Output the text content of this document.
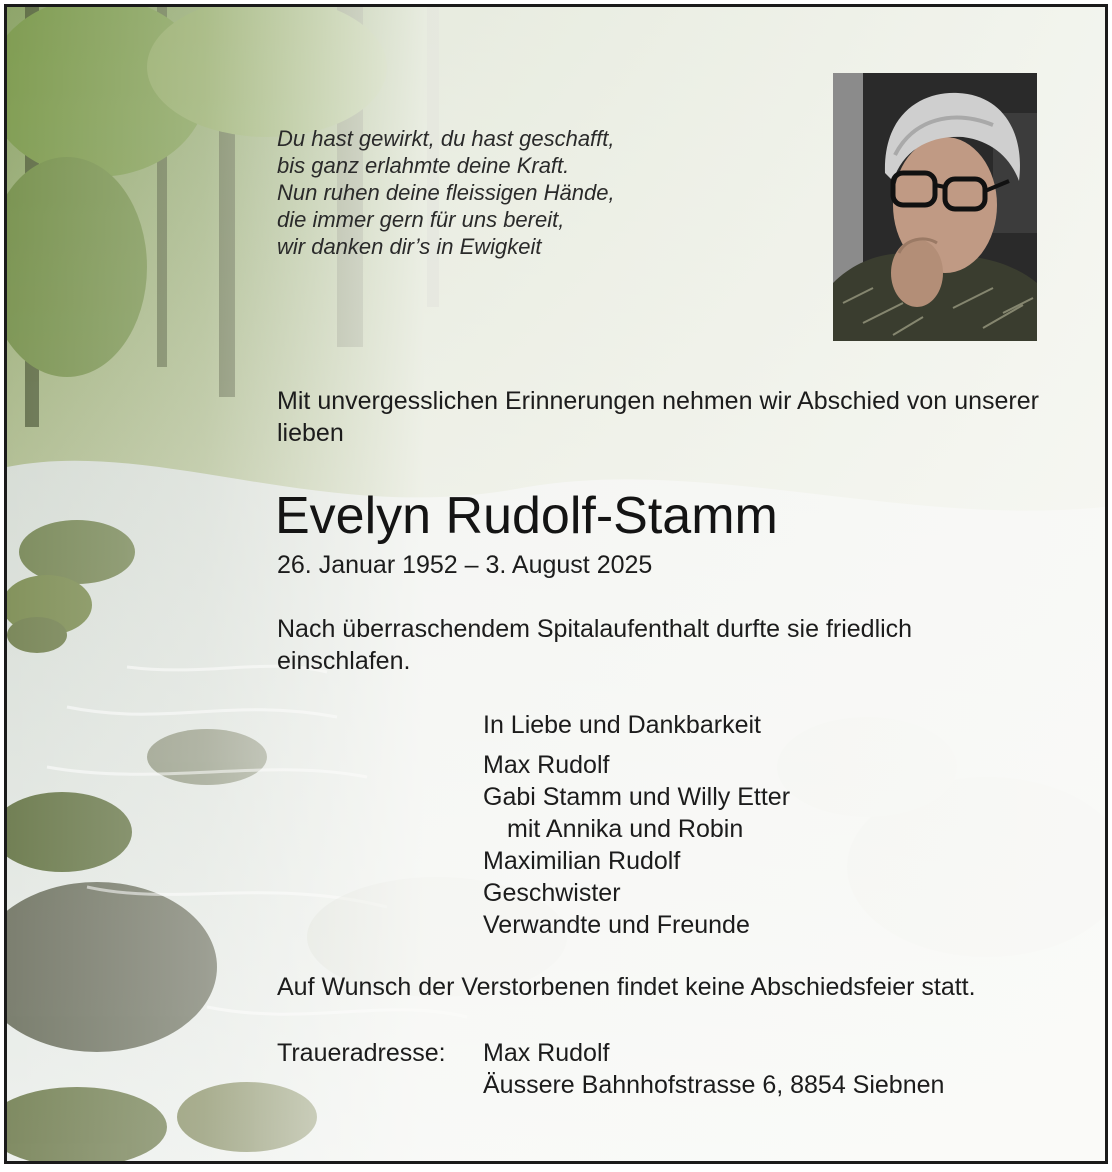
Du hast gewirkt, du hast geschafft,
bis ganz erlahmte deine Kraft.
Nun ruhen deine fleissigen Hände,
die immer gern für uns bereit,
wir danken dir’s in Ewigkeit
Mit unvergesslichen Erinnerungen nehmen wir Abschied von unserer lieben
Evelyn Rudolf-Stamm
26. Januar 1952 – 3. August 2025
Nach überraschendem Spitalaufenthalt durfte sie friedlich einschlafen.
In Liebe und Dankbarkeit
Max Rudolf
Gabi Stamm und Willy Etter
mit Annika und Robin
Maximilian Rudolf
Geschwister
Verwandte und Freunde
Auf Wunsch der Verstorbenen findet keine Abschiedsfeier statt.
Traueradresse: Max Rudolf
Äussere Bahnhofstrasse 6, 8854 Siebnen
